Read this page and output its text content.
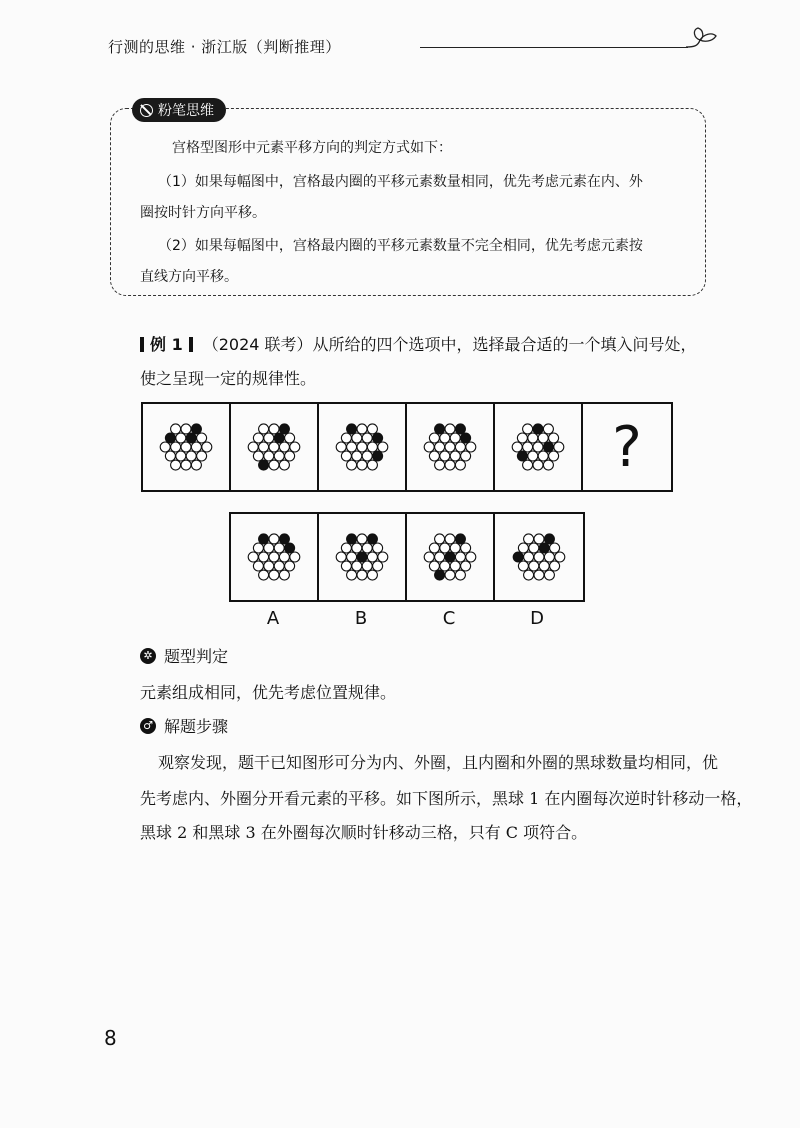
行测的思维 · 浙江版（判断推理）
粉笔思维
宫格型图形中元素平移方向的判定方式如下：
（1）如果每幅图中，宫格最内圈的平移元素数量相同，优先考虑元素在内、外
圈按时针方向平移。
（2）如果每幅图中，宫格最内圈的平移元素数量不完全相同，优先考虑元素按
直线方向平移。
例 1 （2024 联考）从所给的四个选项中，选择最合适的一个填入问号处，
使之呈现一定的规律性。
?
A	B	C	D
✲ 题型判定
元素组成相同，优先考虑位置规律。
♂ 解题步骤
观察发现，题干已知图形可分为内、外圈，且内圈和外圈的黑球数量均相同，优
先考虑内、外圈分开看元素的平移。如下图所示，黑球 1 在内圈每次逆时针移动一格，
黑球 2 和黑球 3 在外圈每次顺时针移动三格，只有 C 项符合。
8
